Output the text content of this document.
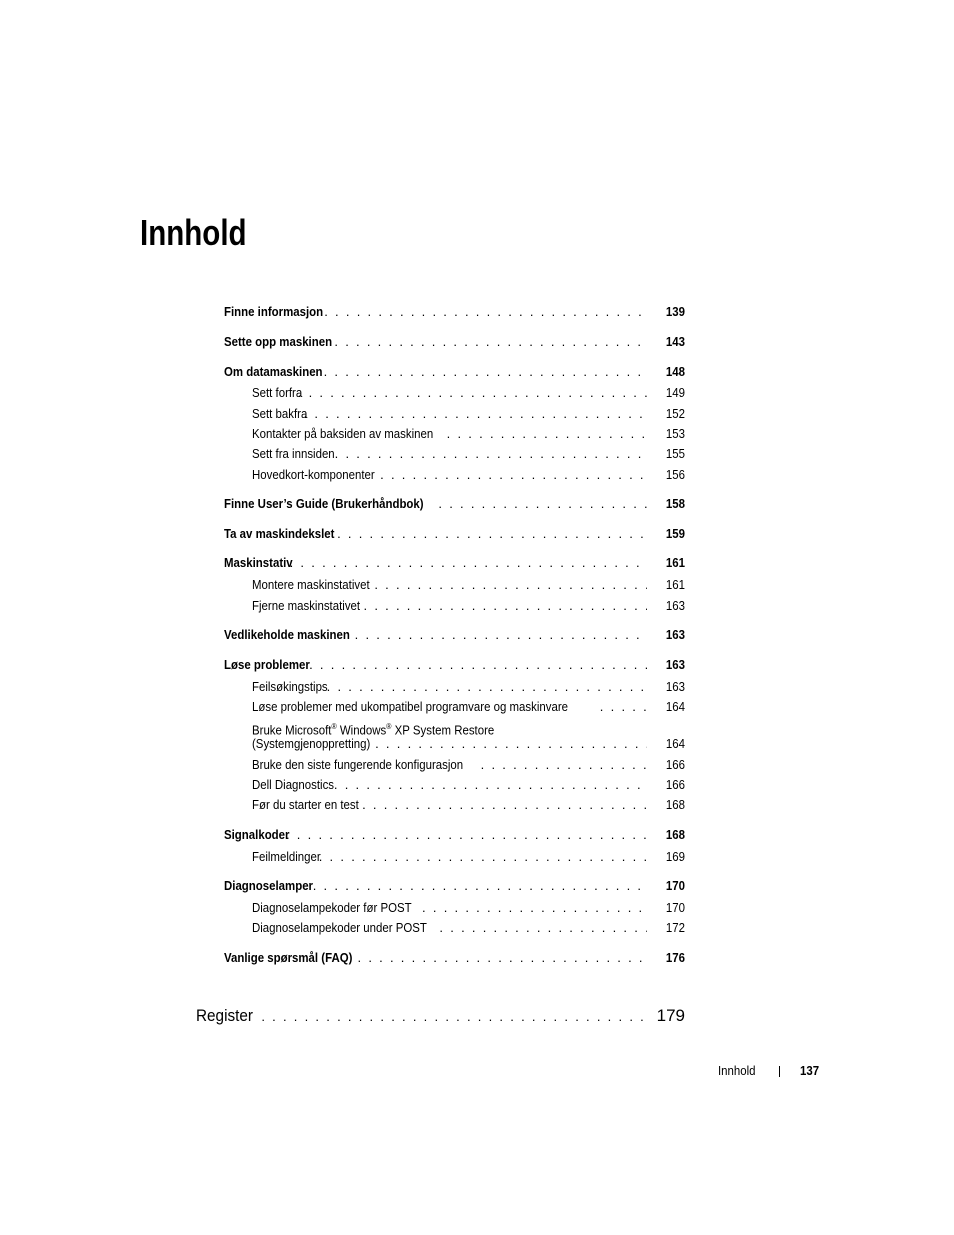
Innhold
Finne informasjon . . .	139
Sette opp maskinen . . .	143
Om datamaskinen . . .	148
Sett forfra . . .	149
Sett bakfra . . .	152
Kontakter på baksiden av maskinen . . .	153
Sett fra innsiden . . .	155
Hovedkort-komponenter . . .	156
Finne User’s Guide (Brukerhåndbok) . . .	158
Ta av maskindekslet . . .	159
Maskinstativ . . .	161
Montere maskinstativet . . .	161
Fjerne maskinstativet . . .	163
Vedlikeholde maskinen . . .	163
Løse problemer . . .	163
Feilsøkingstips . . .	163
Løse problemer med ukompatibel programvare og maskinvare . . .	164
Bruke Microsoft® Windows® XP System Restore
(Systemgjenoppretting) . . .	164
Bruke den siste fungerende konfigurasjon . . .	166
Dell Diagnostics . . .	166
Før du starter en test . . .	168
Signalkoder . . .	168
Feilmeldinger . . .	169
Diagnoselamper . . .	170
Diagnoselampekoder før POST . . .	170
Diagnoselampekoder under POST . . .	172
Vanlige spørsmål (FAQ) . . .	176
Register . . .	179
Innhold	137
